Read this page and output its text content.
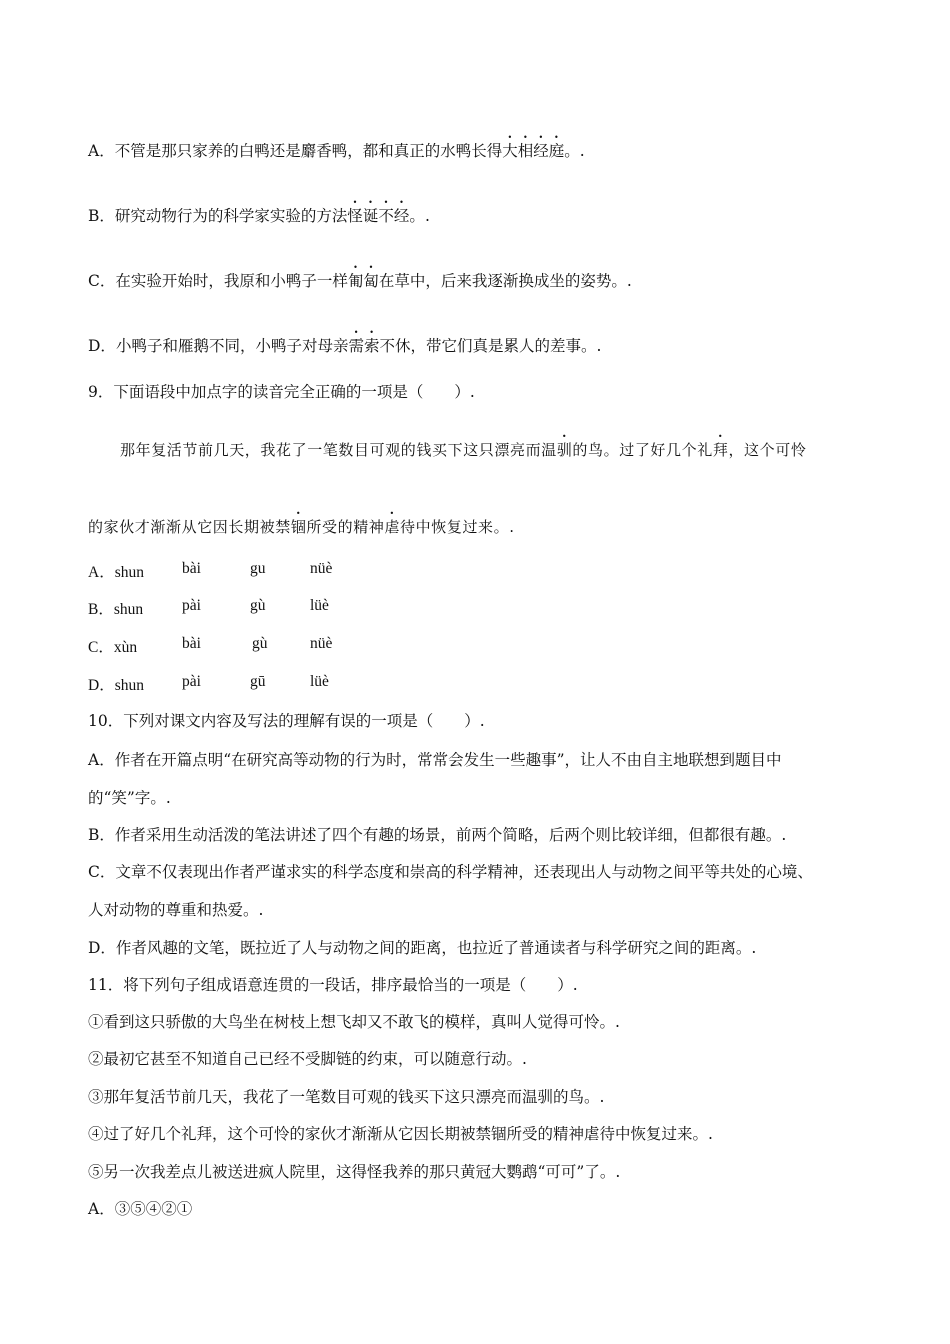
A．不管是那只家养的白鸭还是麝香鸭，都和真正的水鸭长得大相经庭。.
B．研究动物行为的科学家实验的方法怪诞不经。.
C．在实验开始时，我原和小鸭子一样匍匐在草中，后来我逐渐换成坐的姿势。.
D．小鸭子和雁鹅不同，小鸭子对母亲需索不休，带它们真是累人的差事。.
9．下面语段中加点字的读音完全正确的一项是（　　）.
那年复活节前几天，我花了一笔数目可观的钱买下这只漂亮而温驯的鸟。过了好几个礼拜，这个可怜
的家伙才渐渐从它因长期被禁锢所受的精神虐待中恢复过来。.
A．shun bài	gu	nüè
B．shun	pài	gù	lüè
C．xùn	bài	gù	nüè
D．shun pài	gū	lüè
10．下列对课文内容及写法的理解有误的一项是（　　）.
A．作者在开篇点明“在研究高等动物的行为时，常常会发生一些趣事”，让人不由自主地联想到题目中
的“笑”字。.
B．作者采用生动活泼的笔法讲述了四个有趣的场景，前两个简略，后两个则比较详细，但都很有趣。.
C．文章不仅表现出作者严谨求实的科学态度和崇高的科学精神，还表现出人与动物之间平等共处的心境、
人对动物的尊重和热爱。.
D．作者风趣的文笔，既拉近了人与动物之间的距离，也拉近了普通读者与科学研究之间的距离。.
11．将下列句子组成语意连贯的一段话，排序最恰当的一项是（　　）.
①看到这只骄傲的大鸟坐在树枝上想飞却又不敢飞的模样，真叫人觉得可怜。.
②最初它甚至不知道自己已经不受脚链的约束，可以随意行动。.
③那年复活节前几天，我花了一笔数目可观的钱买下这只漂亮而温驯的鸟。.
④过了好几个礼拜，这个可怜的家伙才渐渐从它因长期被禁锢所受的精神虐待中恢复过来。.
⑤另一次我差点儿被送进疯人院里，这得怪我养的那只黄冠大鹦鹉“可可”了。.
A．③⑤④②①
